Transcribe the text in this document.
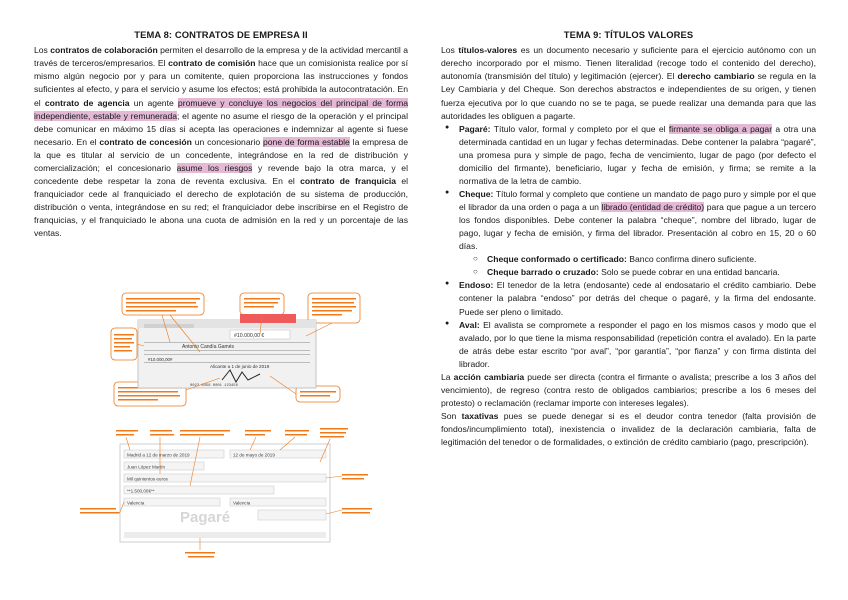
TEMA 8: CONTRATOS DE EMPRESA II

Los contratos de colaboración permiten el desarrollo de la empresa y de la actividad mercantil a través de terceros/empresarios. El contrato de comisión hace que un comisionista realice por sí mismo algún negocio por y para un comitente, quien proporciona las instrucciones y fondos suficientes al efecto, y para el servicio y asume los efectos; está prohibida la autocontratación. En el contrato de agencia un agente promueve y concluye los negocios del principal de forma independiente, estable y remunerada; el agente no asume el riesgo de la operación y el principal debe comunicar en máximo 15 días si acepta las operaciones e indemnizar al agente si fuese necesario. En el contrato de concesión un concesionario pone de forma estable la empresa de la que es titular al servicio de un concedente, integrándose en la red de distribución y comercialización; el concesionario asume los riesgos y revende bajo la otra marca, y el concedente debe respetar la zona de reventa exclusiva. En el contrato de franquicia el franquiciador cede al franquiciado el derecho de explotación de su sistema de producción, distribución o venta, integrándose en su red; el franquiciador debe inscribirse en el Registro de franquicias, y el franquiciado le abona una cuota de admisión en la red y un porcentaje de las ventas.

#10.000,00 €
Antonio Candía Gamés
#10.000,00#
Alicante a 1 de junio de 2019
0023 0456 0001 123456
Pagaré
Madrid a 12 de marzo de 2019	12 de mayo de 2019
Juan López Martín
Mil quinientos euros
**1.500,00€**
Valencia	Valencia
TEMA 9: TÍTULOS VALORES

Los títulos-valores es un documento necesario y suficiente para el ejercicio autónomo con un derecho incorporado por el mismo. Tienen literalidad (recoge todo el contenido del derecho), autonomía (transmisión del título) y legitimación (ejercer). El derecho cambiario se regula en la Ley Cambiaria y del Cheque. Son derechos abstractos e independientes de su origen, y tienen fuerza ejecutiva por lo que cuando no se te paga, se puede realizar una demanda para que las autoridades les obliguen a pagarte.

● Pagaré: Título valor, formal y completo por el que el firmante se obliga a pagar a otra una determinada cantidad en un lugar y fechas determinadas. Debe contener la palabra “pagaré”, una promesa pura y simple de pago, fecha de vencimiento, lugar de pago (por defecto el domicilio del firmante), beneficiario, lugar y fecha de emisión, y firma; se remite a la normativa de la letra de cambio.
● Cheque: Título formal y completo que contiene un mandato de pago puro y simple por el que el librador da una orden o paga a un librado (entidad de crédito) para que pague a un tercero los fondos disponibles. Debe contener la palabra “cheque”, nombre del librado, lugar de pago, lugar y fecha de emisión, y firma del librador. Presentación al cobro en 15, 20 o 60 días.
○ Cheque conformado o certificado: Banco confirma dinero suficiente.
○ Cheque barrado o cruzado: Solo se puede cobrar en una entidad bancaria.
● Endoso: El tenedor de la letra (endosante) cede al endosatario el crédito cambiario. Debe contener la palabra “endoso” por detrás del cheque o pagaré, y la firma del endosante. Puede ser pleno o limitado.
● Aval: El avalista se compromete a responder el pago en los mismos casos y modo que el avalado, por lo que tiene la misma responsabilidad (repetición contra el avalado). En la parte de atrás debe estar escrito “por aval”, “por garantía”, “por fianza” y con firma distinta del librador.

La acción cambiaria puede ser directa (contra el firmante o avalista; prescribe a los 3 años del vencimiento), de regreso (contra resto de obligados cambiarios; prescribe a los 6 meses del protesto) o reclamación (reclamar importe con intereses legales).

Son taxativas pues se puede denegar si es el deudor contra tenedor (falta provisión de fondos/incumplimiento total), inexistencia o invalidez de la declaración cambiaria, falta de legitimación del tenedor o de formalidades, o extinción de crédito cambiario (pago, prescripción).
